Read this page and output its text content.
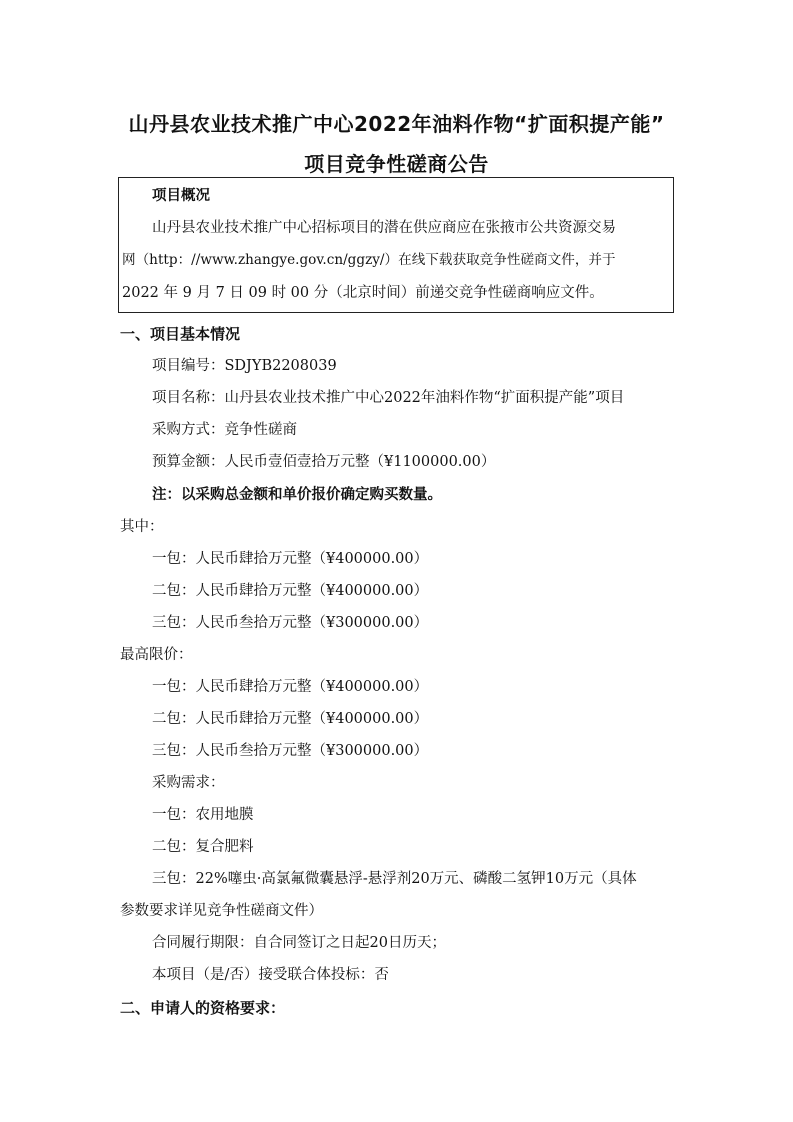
山丹县农业技术推广中心2022年油料作物“扩面积提产能”
项目竞争性磋商公告
项目概况
山丹县农业技术推广中心招标项目的潜在供应商应在张掖市公共资源交易
网（http：//www.zhangye.gov.cn/ggzy/）在线下载获取竞争性磋商文件，并于
2022 年 9 月 7 日 09 时 00 分（北京时间）前递交竞争性磋商响应文件。
一、项目基本情况
项目编号：SDJYB2208039
项目名称：山丹县农业技术推广中心2022年油料作物“扩面积提产能”项目
采购方式：竞争性磋商
预算金额：人民币壹佰壹拾万元整（¥1100000.00）
注：以采购总金额和单价报价确定购买数量。
其中：
一包：人民币肆拾万元整（¥400000.00）
二包：人民币肆拾万元整（¥400000.00）
三包：人民币叁拾万元整（¥300000.00）
最高限价：
一包：人民币肆拾万元整（¥400000.00）
二包：人民币肆拾万元整（¥400000.00）
三包：人民币叁拾万元整（¥300000.00）
采购需求：
一包：农用地膜
二包：复合肥料
三包：22%噻虫·高氯氟微囊悬浮-悬浮剂20万元、磷酸二氢钾10万元（具体
参数要求详见竞争性磋商文件）
合同履行期限：自合同签订之日起20日历天；
本项目（是/否）接受联合体投标：否
二、申请人的资格要求：
